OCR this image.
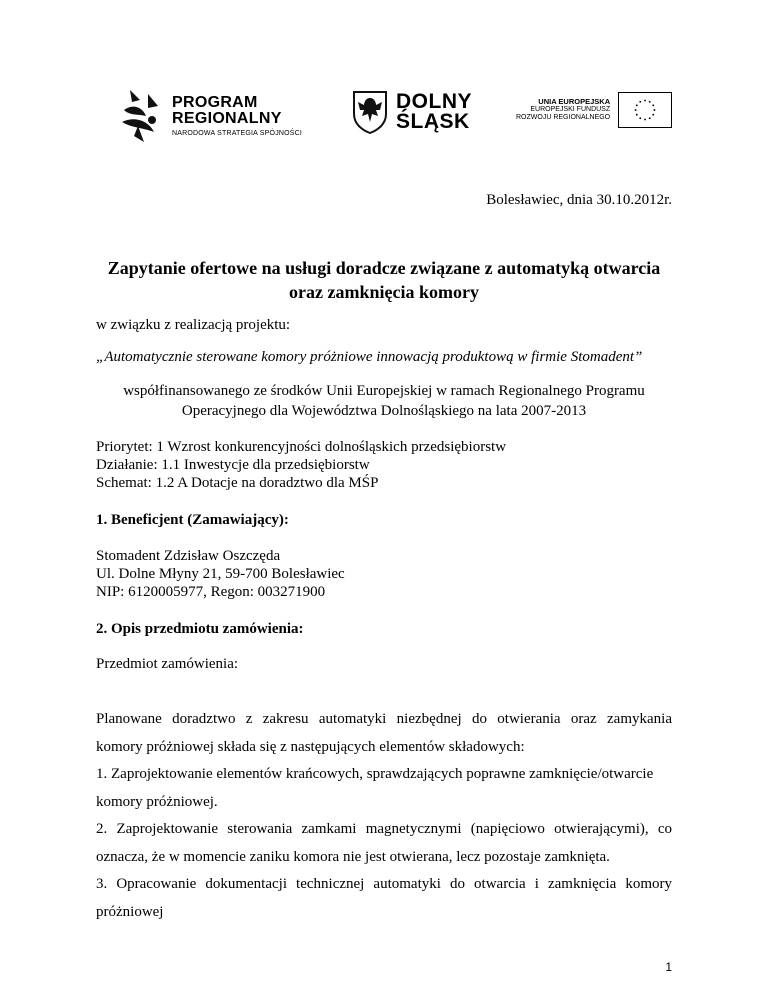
PROGRAM
REGIONALNY
NARODOWA STRATEGIA SPÓJNOŚCI
DOLNY
ŚLĄSK
UNIA EUROPEJSKA
EUROPEJSKI FUNDUSZ
ROZWOJU REGIONALNEGO
Bolesławiec, dnia 30.10.2012r.
Zapytanie ofertowe na usługi doradcze związane z automatyką otwarcia
oraz zamknięcia komory
w związku z realizacją projektu:
„Automatycznie sterowane komory próżniowe innowacją produktową w firmie Stomadent”
współfinansowanego ze środków Unii Europejskiej w ramach Regionalnego Programu
Operacyjnego dla Województwa Dolnośląskiego na lata 2007-2013
Priorytet: 1 Wzrost konkurencyjności dolnośląskich przedsiębiorstw
Działanie: 1.1 Inwestycje dla przedsiębiorstw
Schemat: 1.2 A Dotacje na doradztwo dla MŚP
1. Beneficjent (Zamawiający):
Stomadent Zdzisław Oszczęda
Ul. Dolne Młyny 21, 59-700 Bolesławiec
NIP: 6120005977, Regon: 003271900
2. Opis przedmiotu zamówienia:
Przedmiot zamówienia:
Planowane doradztwo z zakresu automatyki niezbędnej do otwierania oraz zamykania
komory próżniowej składa się z następujących elementów składowych:
1. Zaprojektowanie elementów krańcowych, sprawdzających poprawne zamknięcie/otwarcie
komory próżniowej.
2. Zaprojektowanie sterowania zamkami magnetycznymi (napięciowo otwierającymi), co
oznacza, że w momencie zaniku komora nie jest otwierana, lecz pozostaje zamknięta.
3. Opracowanie dokumentacji technicznej automatyki do otwarcia i zamknięcia komory
próżniowej
1
